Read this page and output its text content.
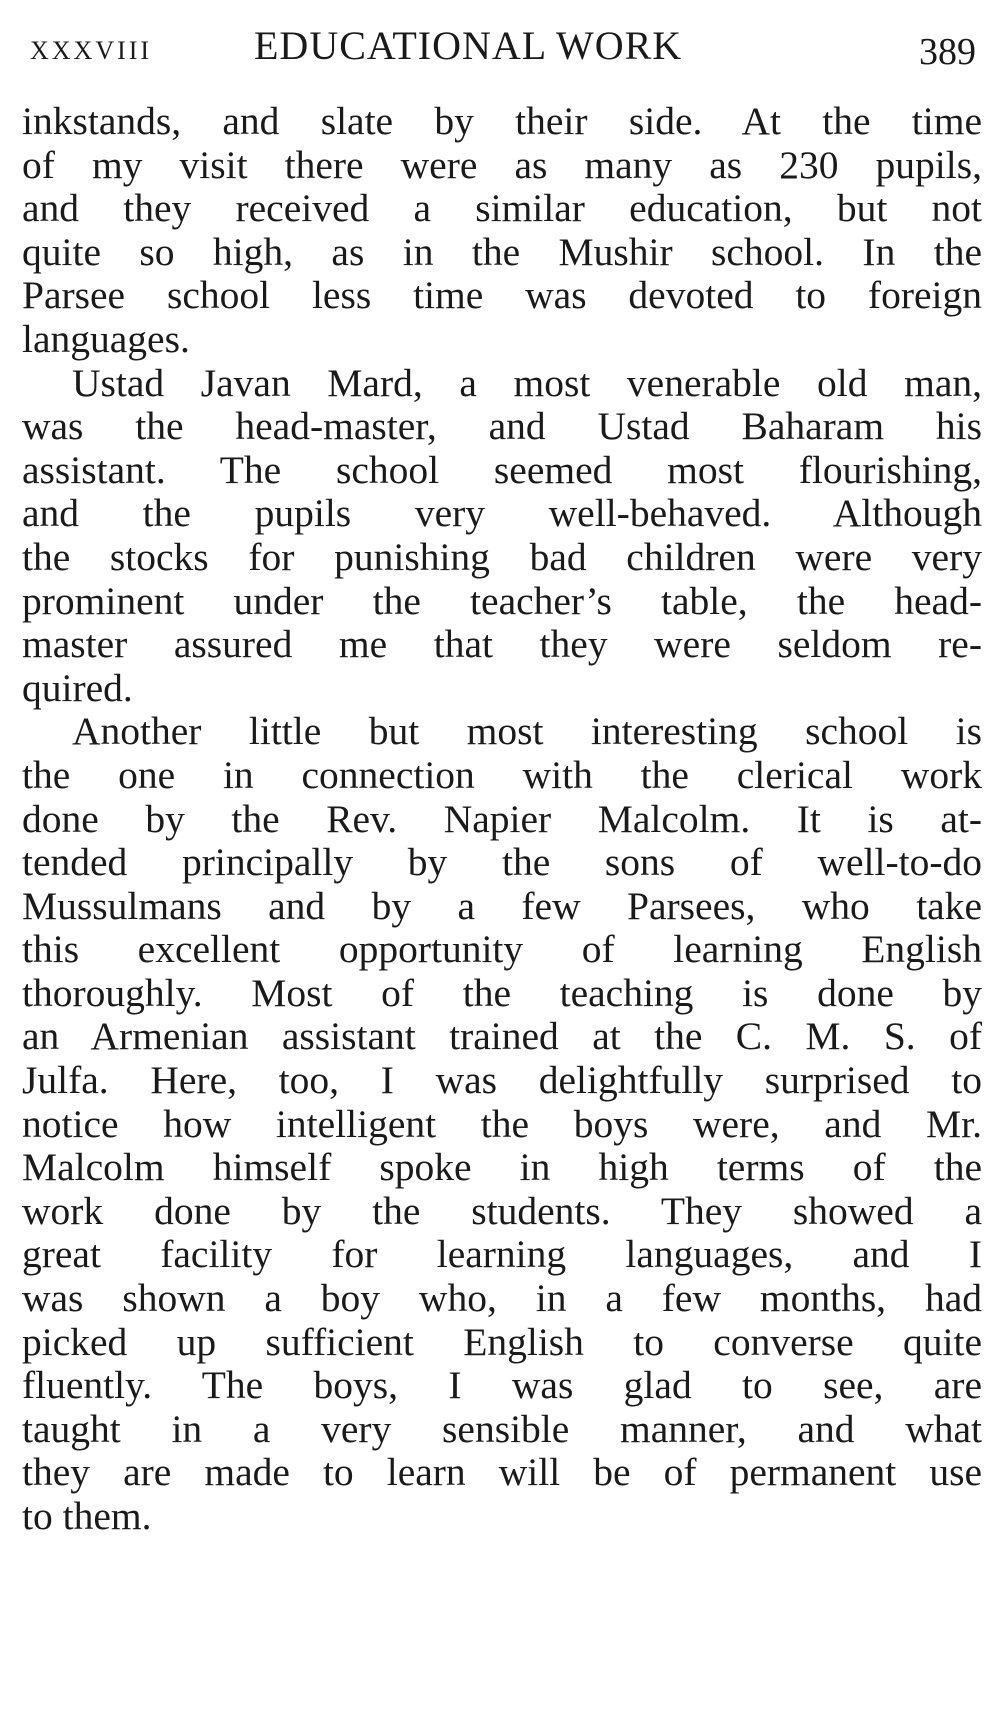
XXXVIII	EDUCATIONAL WORK	389
inkstands, and slate by their side. At the time
of my visit there were as many as 230 pupils,
and they received a similar education, but not
quite so high, as in the Mushir school. In the
Parsee school less time was devoted to foreign
languages.
Ustad Javan Mard, a most venerable old man,
was the head-master, and Ustad Baharam his
assistant. The school seemed most flourishing,
and the pupils very well-behaved. Although
the stocks for punishing bad children were very
prominent under the teacher’s table, the head-
master assured me that they were seldom re-
quired.
Another little but most interesting school is
the one in connection with the clerical work
done by the Rev. Napier Malcolm. It is at-
tended principally by the sons of well-to-do
Mussulmans and by a few Parsees, who take
this excellent opportunity of learning English
thoroughly. Most of the teaching is done by
an Armenian assistant trained at the C. M. S. of
Julfa. Here, too, I was delightfully surprised to
notice how intelligent the boys were, and Mr.
Malcolm himself spoke in high terms of the
work done by the students. They showed a
great facility for learning languages, and I
was shown a boy who, in a few months, had
picked up sufficient English to converse quite
fluently. The boys, I was glad to see, are
taught in a very sensible manner, and what
they are made to learn will be of permanent use
to them.
